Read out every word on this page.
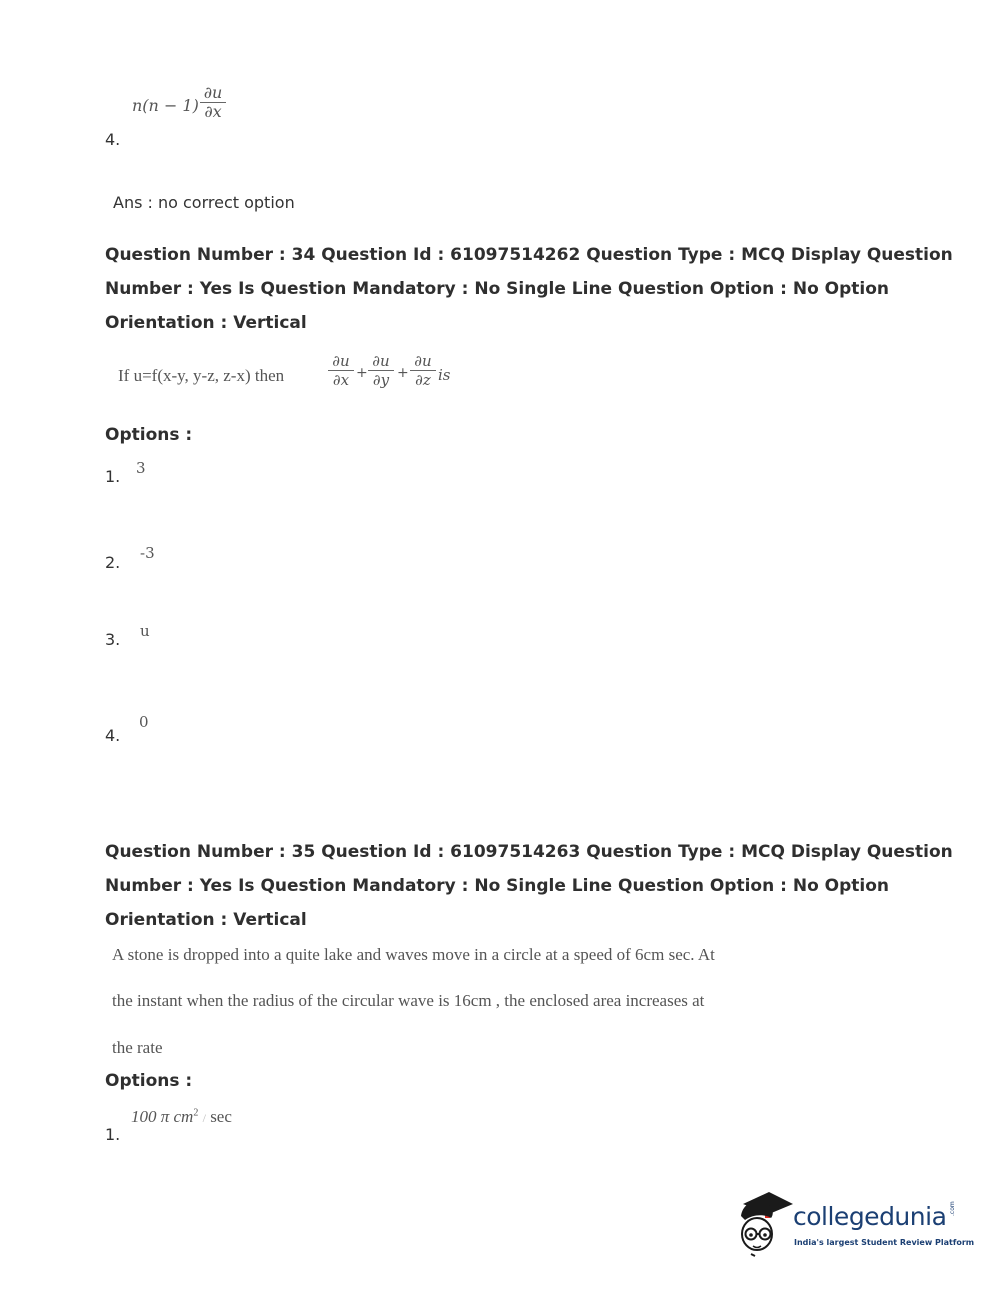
n(n − 1)
∂u
∂x
4.
Ans : no correct option
Question Number : 34 Question Id : 61097514262 Question Type : MCQ Display Question
Number : Yes Is Question Mandatory : No Single Line Question Option : No Option
Orientation : Vertical
If u=f(x-y, y-z, z-x) then
∂u
∂x +
∂u
∂y +
∂u
∂z is
Options :
1. 3
2. -3
3. u
4.
0
Question Number : 35 Question Id : 61097514263 Question Type : MCQ Display Question
Number : Yes Is Question Mandatory : No Single Line Question Option : No Option
Orientation : Vertical
A stone is dropped into a quite lake and waves move in a circle at a speed of 6cm sec. At
the instant when the radius of the circular wave is 16cm , the enclosed area increases at
the rate
Options :
1.
100 π $cm^2$ / sec
collegedunia .com
India's largest Student Review Platform
